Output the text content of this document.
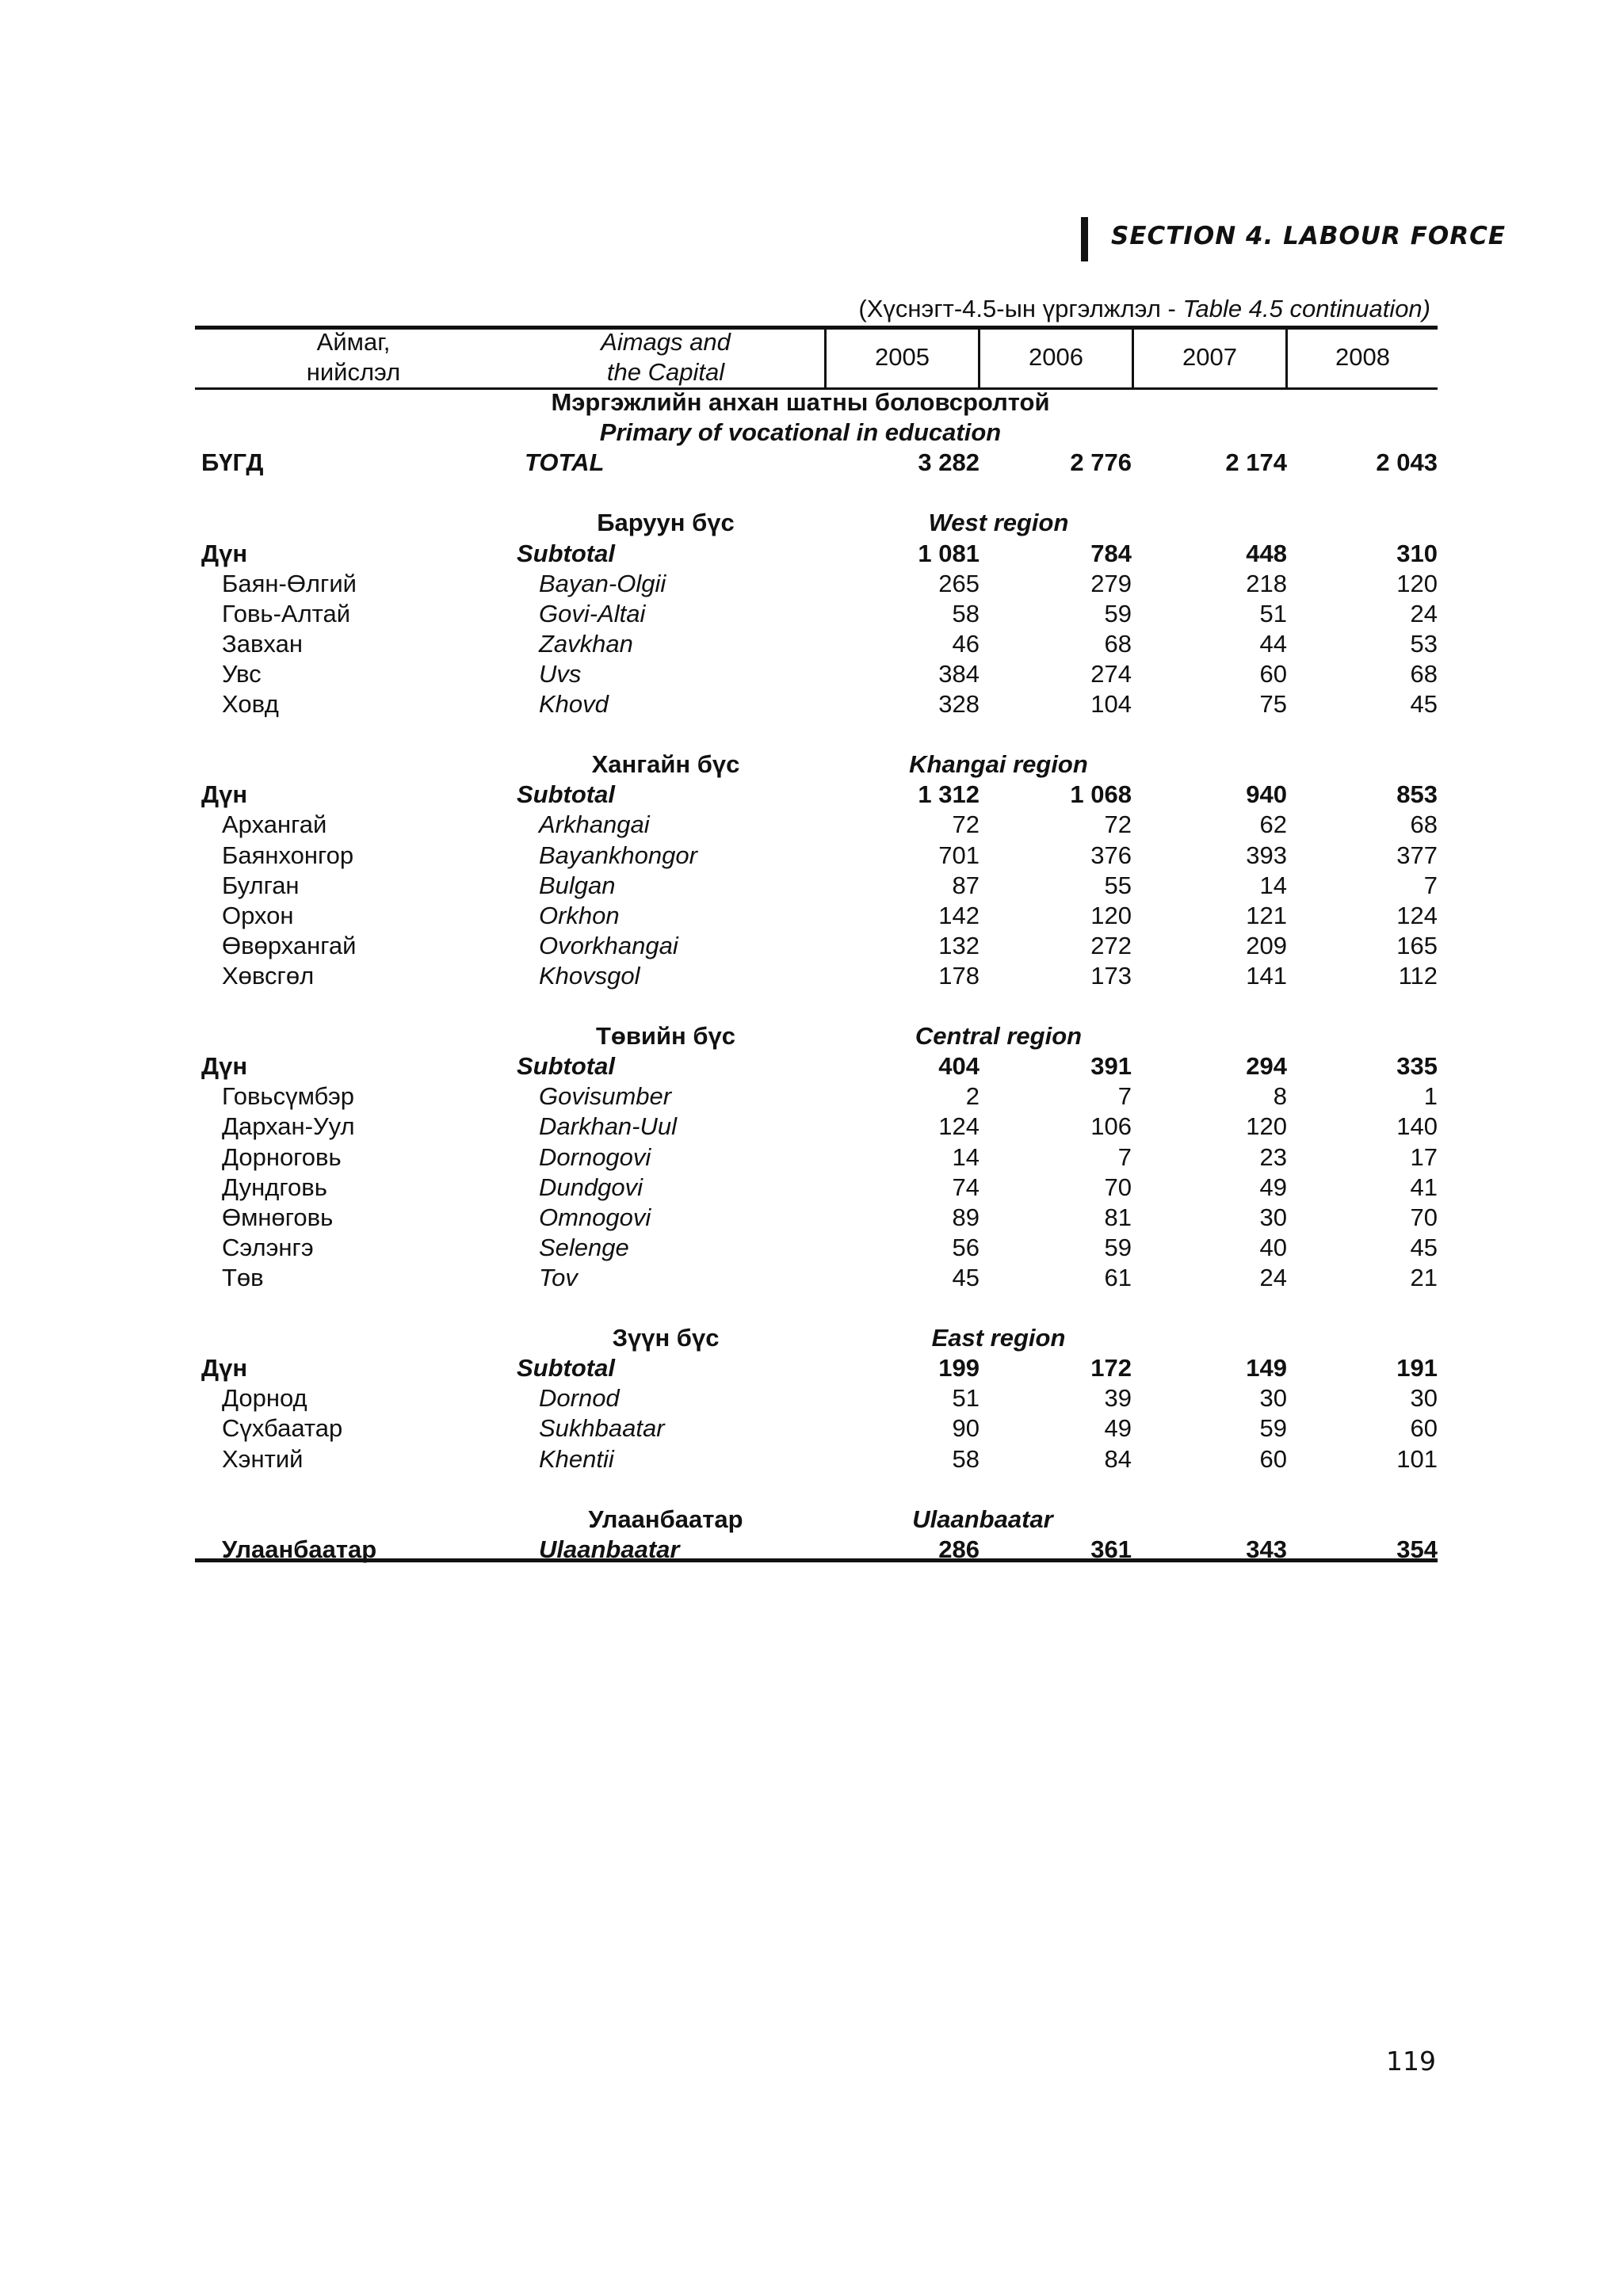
SECTION 4. LABOUR FORCE
(Хүснэгт-4.5-ын үргэлжлэл - Table 4.5 continuation)
Аймаг,
нийслэл
Aimags and
the Capital
2005	2006	2007	2008
Мэргэжлийн анхан шатны боловсролтой
Primary of vocational in education
БҮГД	TOTAL	3 282	2 776	2 174	2 043
Баруун бүс	West region
Дүн	Subtotal	1 081	784	448	310
Баян-Өлгий	Bayan-Olgii	265	279	218	120
Говь-Алтай	Govi-Altai	58	59	51	24
Завхан	Zavkhan	46	68	44	53
Увс	Uvs	384	274	60	68
Ховд	Khovd	328	104	75	45
Хангайн бүс	Khangai region
Дүн	Subtotal	1 312	1 068	940	853
Архангай	Arkhangai	72	72	62	68
Баянхонгор	Bayankhongor	701	376	393	377
Булган	Bulgan	87	55	14	7
Орхон	Orkhon	142	120	121	124
Өвөрхангай	Ovorkhangai	132	272	209	165
Хөвсгөл	Khovsgol	178	173	141	112
Төвийн бүс	Central region
Дүн	Subtotal	404	391	294	335
Говьсүмбэр	Govisumber	2	7	8	1
Дархан-Уул	Darkhan-Uul	124	106	120	140
Дорноговь	Dornogovi	14	7	23	17
Дундговь	Dundgovi	74	70	49	41
Өмнөговь	Omnogovi	89	81	30	70
Сэлэнгэ	Selenge	56	59	40	45
Төв	Tov	45	61	24	21
Зүүн бүс	East region
Дүн	Subtotal	199	172	149	191
Дорнод	Dornod	51	39	30	30
Сүхбаатар	Sukhbaatar	90	49	59	60
Хэнтий	Khentii	58	84	60	101
Улаанбаатар	Ulaanbaatar
Улаанбаатар	Ulaanbaatar	286	361	343	354
119
